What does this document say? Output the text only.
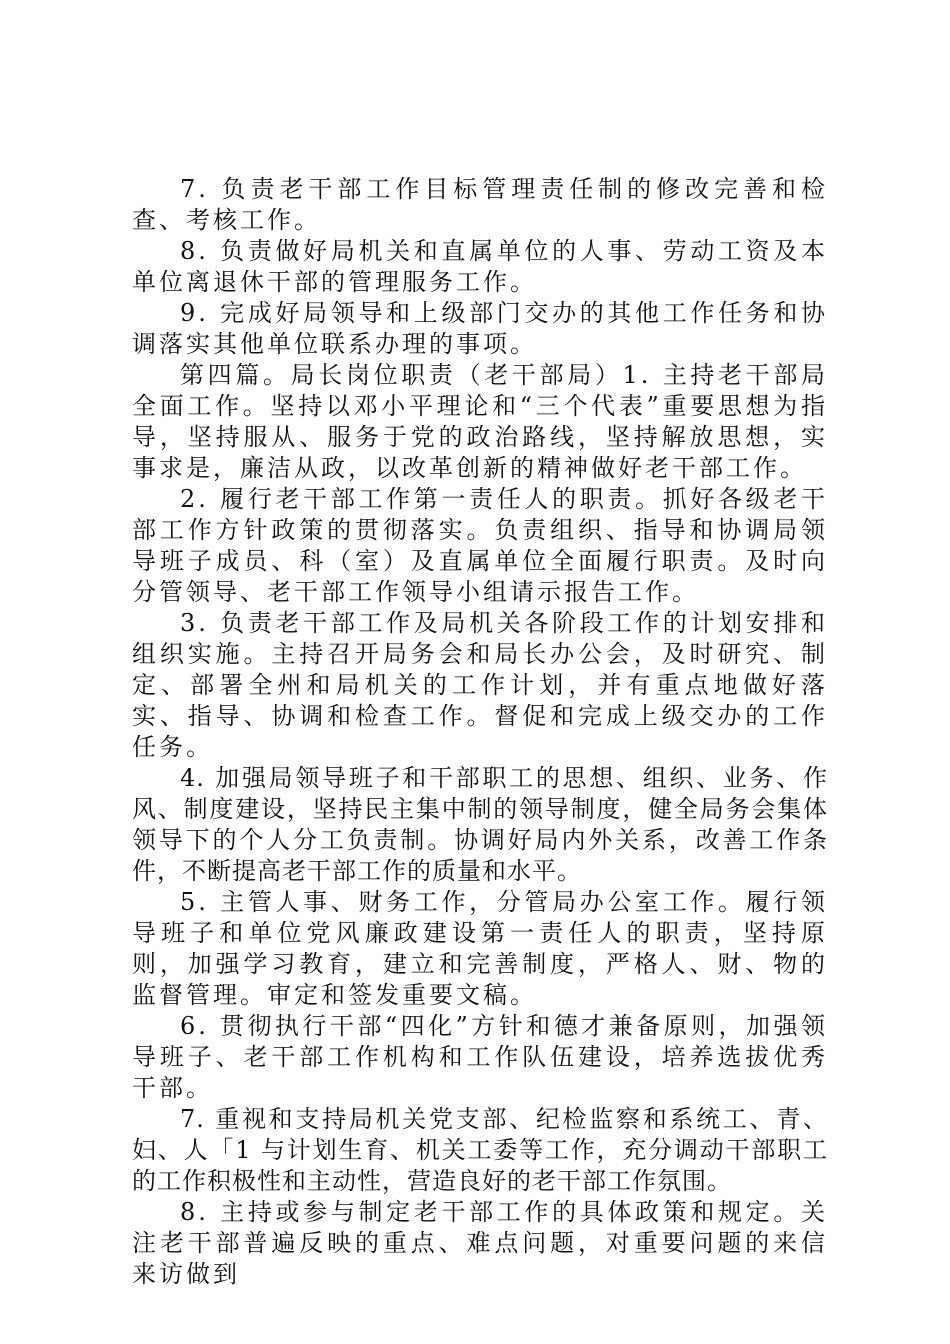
7. 负责老干部工作目标管理责任制的修改完善和检查、考核工作。

8. 负责做好局机关和直属单位的人事、劳动工资及本单位离退休干部的管理服务工作。

9. 完成好局领导和上级部门交办的其他工作任务和协调落实其他单位联系办理的事项。

第四篇。局长岗位职责（老干部局）1. 主持老干部局全面工作。坚持以邓小平理论和“三个代表”重要思想为指导，坚持服从、服务于党的政治路线，坚持解放思想，实事求是，廉洁从政，以改革创新的精神做好老干部工作。

2. 履行老干部工作第一责任人的职责。抓好各级老干部工作方针政策的贯彻落实。负责组织、指导和协调局领导班子成员、科（室）及直属单位全面履行职责。及时向分管领导、老干部工作领导小组请示报告工作。

3. 负责老干部工作及局机关各阶段工作的计划安排和组织实施。主持召开局务会和局长办公会，及时研究、制定、部署全州和局机关的工作计划，并有重点地做好落实、指导、协调和检查工作。督促和完成上级交办的工作任务。

4. 加强局领导班子和干部职工的思想、组织、业务、作风、制度建设，坚持民主集中制的领导制度，健全局务会集体领导下的个人分工负责制。协调好局内外关系，改善工作条件，不断提高老干部工作的质量和水平。

5. 主管人事、财务工作，分管局办公室工作。履行领导班子和单位党风廉政建设第一责任人的职责，坚持原则，加强学习教育，建立和完善制度，严格人、财、物的监督管理。审定和签发重要文稿。

6. 贯彻执行干部“四化”方针和德才兼备原则，加强领导班子、老干部工作机构和工作队伍建设，培养选拔优秀干部。

7. 重视和支持局机关党支部、纪检监察和系统工、青、妇、人「1 与计划生育、机关工委等工作，充分调动干部职工的工作积极性和主动性，营造良好的老干部工作氛围。

8. 主持或参与制定老干部工作的具体政策和规定。关注老干部普遍反映的重点、难点问题，对重要问题的来信来访做到
